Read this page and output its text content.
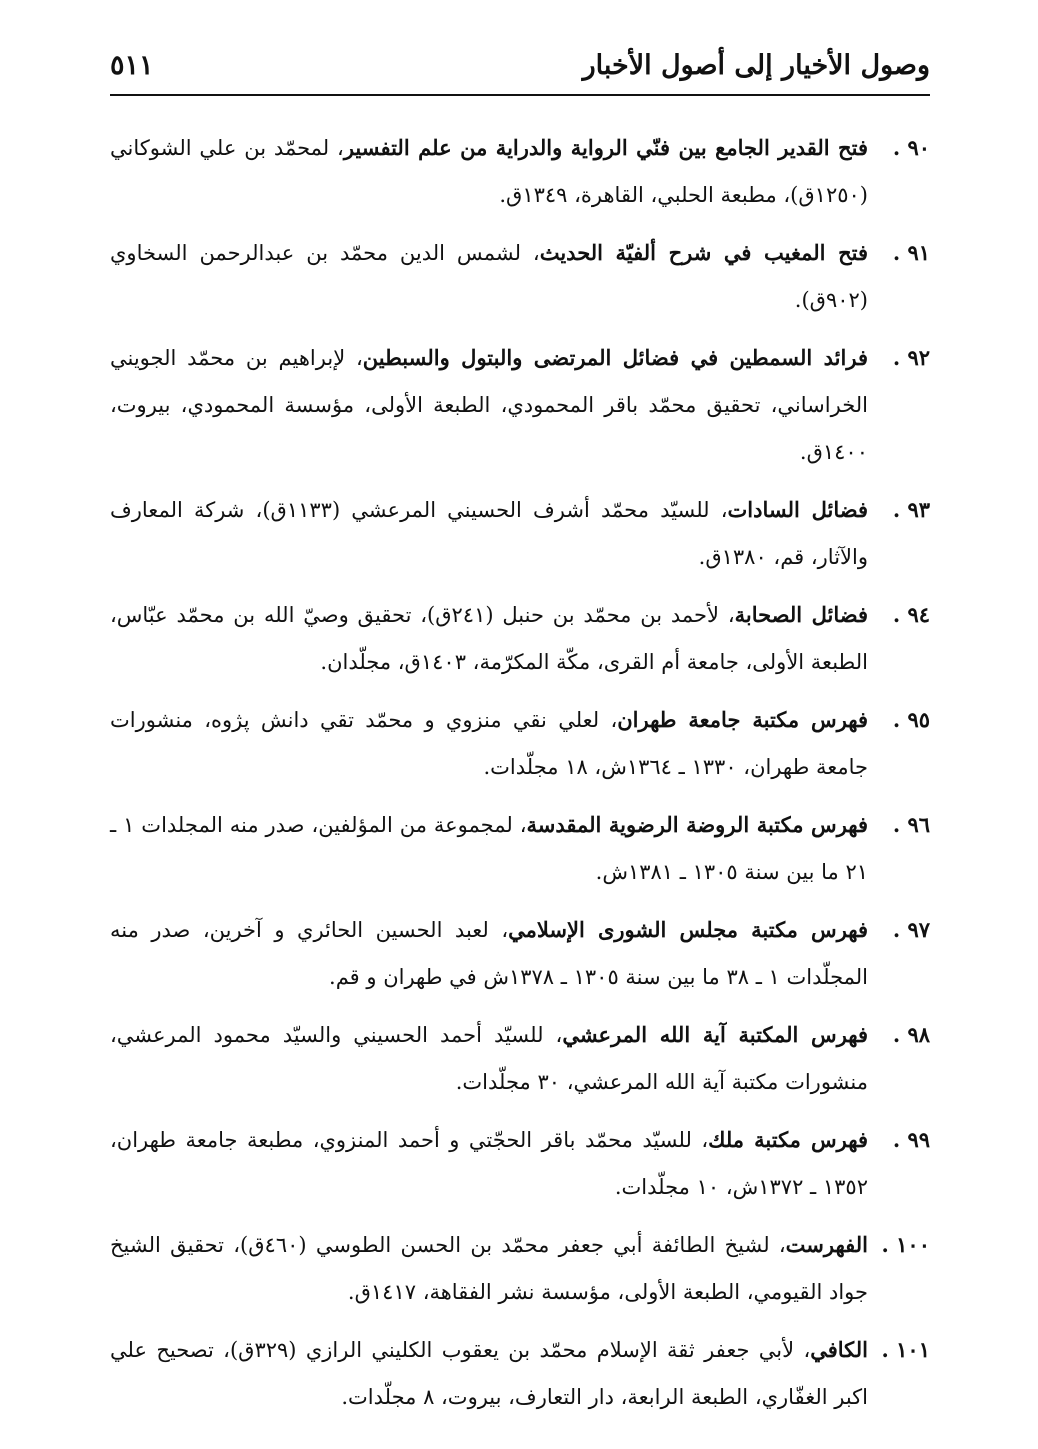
وصول الأخيار إلى أصول الأخبار
٥١١
٩٠ .
فتح القدير الجامع بين فنّي الرواية والدراية من علم التفسير، لمحمّد بن علي الشوكاني (١٢٥٠ق)، مطبعة الحلبي، القاهرة، ١٣٤٩ق.
٩١ .
فتح المغيب في شرح ألفيّة الحديث، لشمس الدين محمّد بن عبدالرحمن السخاوي (٩٠٢ق).
٩٢ .
فرائد السمطين في فضائل المرتضى والبتول والسبطين، لإبراهيم بن محمّد الجويني الخراساني، تحقيق محمّد باقر المحمودي، الطبعة الأولى، مؤسسة المحمودي، بيروت، ١٤٠٠ق.
٩٣ .
فضائل السادات، للسيّد محمّد أشرف الحسيني المرعشي (١١٣٣ق)، شركة المعارف والآثار، قم، ١٣٨٠ق.
٩٤ .
فضائل الصحابة، لأحمد بن محمّد بن حنبل (٢٤١ق)، تحقيق وصيّ الله بن محمّد عبّاس، الطبعة الأولى، جامعة أم القرى، مكّة المكرّمة، ١٤٠٣ق، مجلّدان.
٩٥ .
فهرس مكتبة جامعة طهران، لعلي نقي منزوي و محمّد تقي دانش پژوه، منشورات جامعة طهران، ١٣٣٠ ـ ١٣٦٤ش، ١٨ مجلّدات.
٩٦ .
فهرس مكتبة الروضة الرضوية المقدسة، لمجموعة من المؤلفين، صدر منه المجلدات ١ ـ ٢١ ما بين سنة ١٣٠٥ ـ ١٣٨١ش.
٩٧ .
فهرس مكتبة مجلس الشورى الإسلامي، لعبد الحسين الحائري و آخرين، صدر منه المجلّدات ١ ـ ٣٨ ما بين سنة ١٣٠٥ ـ ١٣٧٨ش في طهران و قم.
٩٨ .
فهرس المكتبة آية الله المرعشي، للسيّد أحمد الحسيني والسيّد محمود المرعشي، منشورات مكتبة آية الله المرعشي، ٣٠ مجلّدات.
٩٩ .
فهرس مكتبة ملك، للسيّد محمّد باقر الحجّتي و أحمد المنزوي، مطبعة جامعة طهران، ١٣٥٢ ـ ١٣٧٢ش، ١٠ مجلّدات.
١٠٠ .
الفهرست، لشيخ الطائفة أبي جعفر محمّد بن الحسن الطوسي (٤٦٠ق)، تحقيق الشيخ جواد القيومي، الطبعة الأولى، مؤسسة نشر الفقاهة، ١٤١٧ق.
١٠١ .
الكافي، لأبي جعفر ثقة الإسلام محمّد بن يعقوب الكليني الرازي (٣٢٩ق)، تصحيح علي اكبر الغفّاري، الطبعة الرابعة، دار التعارف، بيروت، ٨ مجلّدات.
